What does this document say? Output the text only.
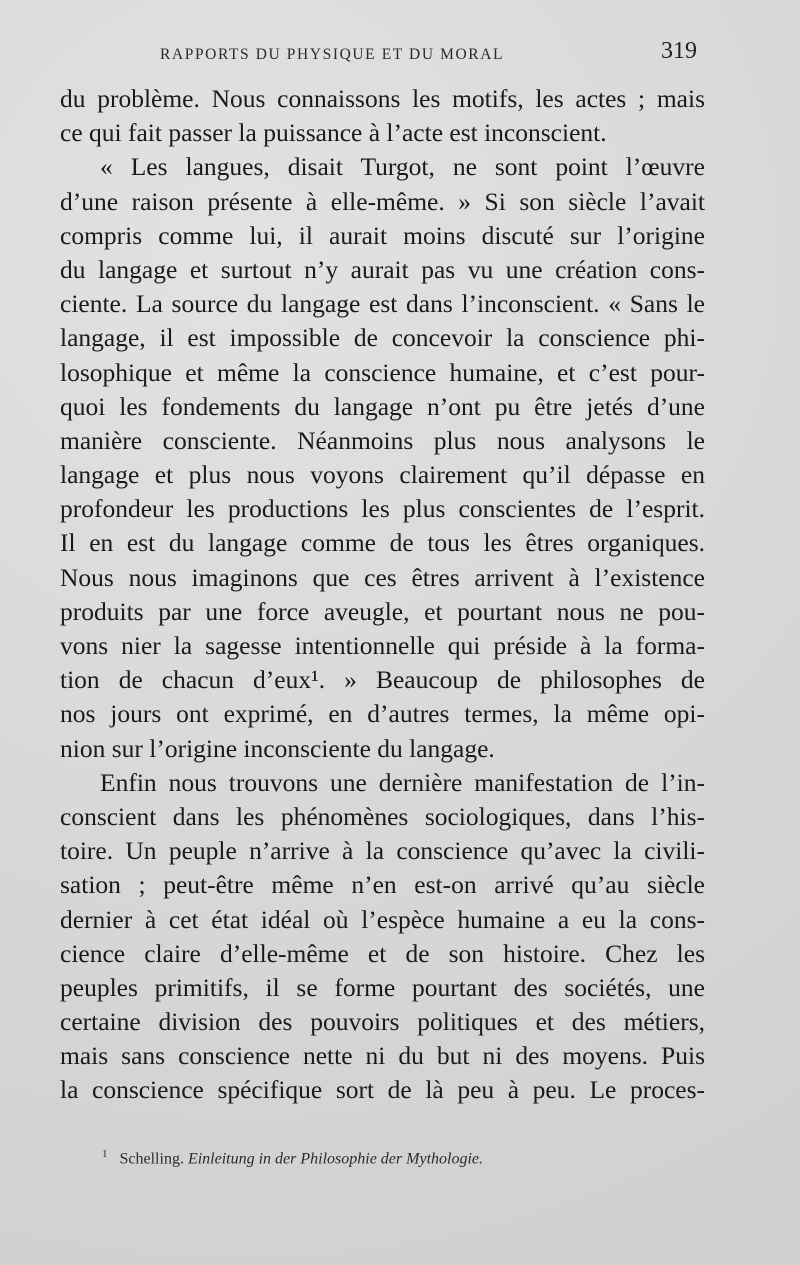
RAPPORTS DU PHYSIQUE ET DU MORAL	319
du problème. Nous connaissons les motifs, les actes ; mais
ce qui fait passer la puissance à l’acte est inconscient.
« Les langues, disait Turgot, ne sont point l’œuvre
d’une raison présente à elle-même. » Si son siècle l’avait
compris comme lui, il aurait moins discuté sur l’origine
du langage et surtout n’y aurait pas vu une création cons-
ciente. La source du langage est dans l’inconscient. « Sans le
langage, il est impossible de concevoir la conscience phi-
losophique et même la conscience humaine, et c’est pour-
quoi les fondements du langage n’ont pu être jetés d’une
manière consciente. Néanmoins plus nous analysons le
langage et plus nous voyons clairement qu’il dépasse en
profondeur les productions les plus conscientes de l’esprit.
Il en est du langage comme de tous les êtres organiques.
Nous nous imaginons que ces êtres arrivent à l’existence
produits par une force aveugle, et pourtant nous ne pou-
vons nier la sagesse intentionnelle qui préside à la forma-
tion de chacun d’eux¹. » Beaucoup de philosophes de
nos jours ont exprimé, en d’autres termes, la même opi-
nion sur l’origine inconsciente du langage.
Enfin nous trouvons une dernière manifestation de l’in-
conscient dans les phénomènes sociologiques, dans l’his-
toire. Un peuple n’arrive à la conscience qu’avec la civili-
sation ; peut-être même n’en est-on arrivé qu’au siècle
dernier à cet état idéal où l’espèce humaine a eu la cons-
cience claire d’elle-même et de son histoire. Chez les
peuples primitifs, il se forme pourtant des sociétés, une
certaine division des pouvoirs politiques et des métiers,
mais sans conscience nette ni du but ni des moyens. Puis
la conscience spécifique sort de là peu à peu. Le proces-
$^1$ Schelling. Einleitung in der Philosophie der Mythologie.
